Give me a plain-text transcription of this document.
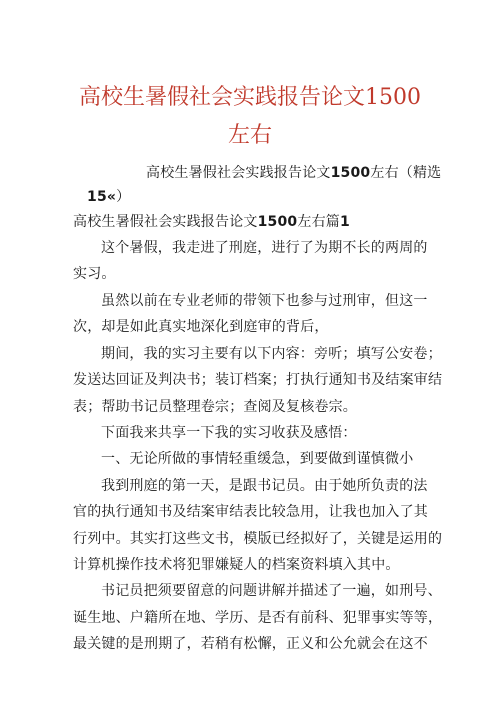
高校生暑假社会实践报告论文1500
左右
高校生暑假社会实践报告论文1500左右（精选
15«）
高校生暑假社会实践报告论文1500左右篇1
这个暑假，我走进了刑庭，进行了为期不长的两周的
实习。
虽然以前在专业老师的带领下也参与过刑审，但这一
次，却是如此真实地深化到庭审的背后，
期间，我的实习主要有以下内容：旁听；填写公安卷；
发送达回证及判决书；装订档案；打执行通知书及结案审结
表；帮助书记员整理卷宗；查阅及复核卷宗。
下面我来共享一下我的实习收获及感悟：
一、无论所做的事情轻重缓急，到要做到谨慎微小
我到刑庭的第一天，是跟书记员。由于她所负责的法
官的执行通知书及结案审结表比较急用，让我也加入了其
行列中。其实打这些文书，模版已经拟好了，关键是运用的
计算机操作技术将犯罪嫌疑人的档案资料填入其中。
书记员把须要留意的问题讲解并描述了一遍，如刑号、
诞生地、户籍所在地、学历、是否有前科、犯罪事实等等，
最关键的是刑期了，若稍有松懈，正义和公允就会在这不
